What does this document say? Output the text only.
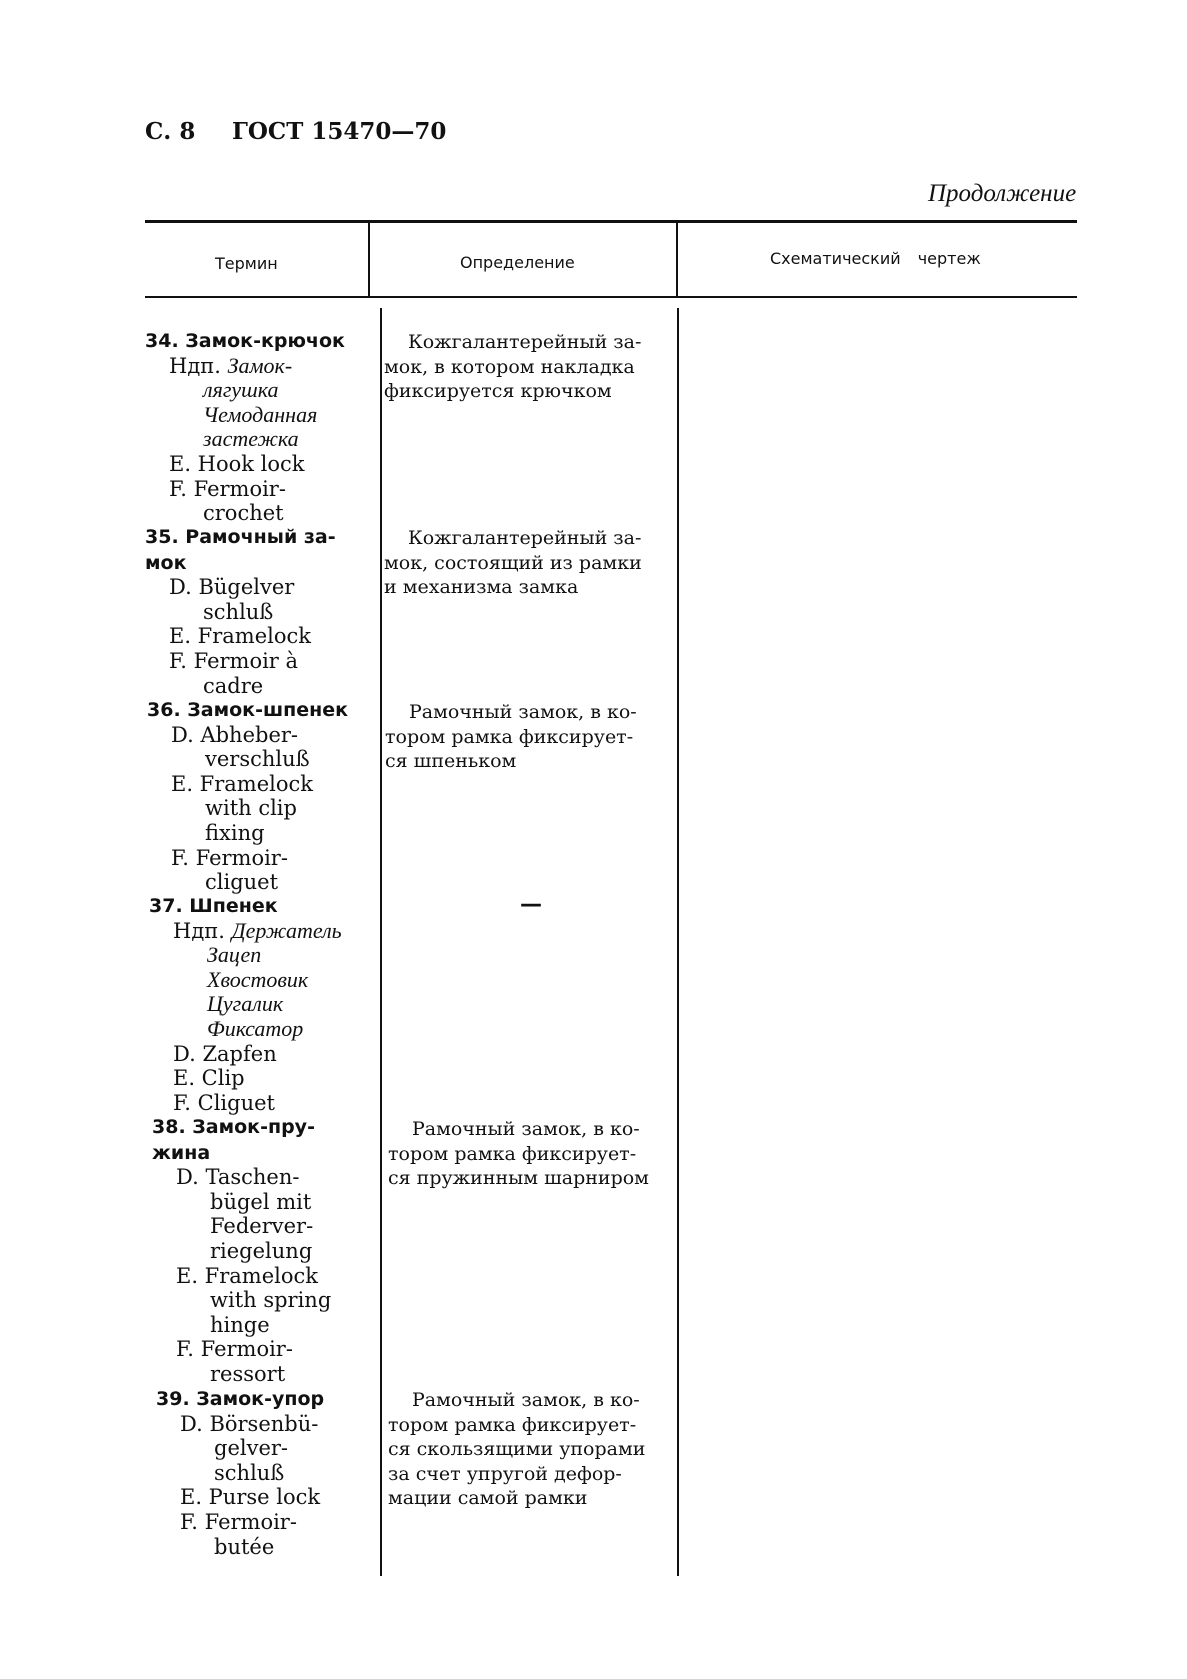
С. 8 ГОСТ 15470—70
Продолжение
Термин	Определение	Схематический чертеж
34. Замок-крючок
Ндп. Замок-
лягушка
Чемоданная
застежка
E. Hook lock
F. Fermoir-
crochet
35. Рамочный за-
мок
D. Bügelver
schluß
E. Framelock
F. Fermoir à
cadre
36. Замок-шпенек
D. Abheber-
verschluß
E. Framelock
with clip
fixing
F. Fermoir-
cliguet
37. Шпенек
Ндп. Держатель
Зацеп
Хвостовик
Цугалик
Фиксатор
D. Zapfen
E. Clip
F. Cliguet
38. Замок-пру-
жина
D. Taschen-
bügel mit
Federver-
riegelung
E. Framelock
with spring
hinge
F. Fermoir-
ressort
39. Замок-упор
D. Börsenbü-
gelver-
schluß
E. Purse lock
F. Fermoir-
butée
Кожгалантерейный за-
мок, в котором накладка
фиксируется крючком
Кожгалантерейный за-
мок, состоящий из рамки
и механизма замка
Рамочный замок, в ко-
тором рамка фиксирует-
ся шпеньком
—
Рамочный замок, в ко-
тором рамка фиксирует-
ся пружинным шарниром
Рамочный замок, в ко-
тором рамка фиксирует-
ся скользящими упорами
за счет упругой дефор-
мации самой рамки
